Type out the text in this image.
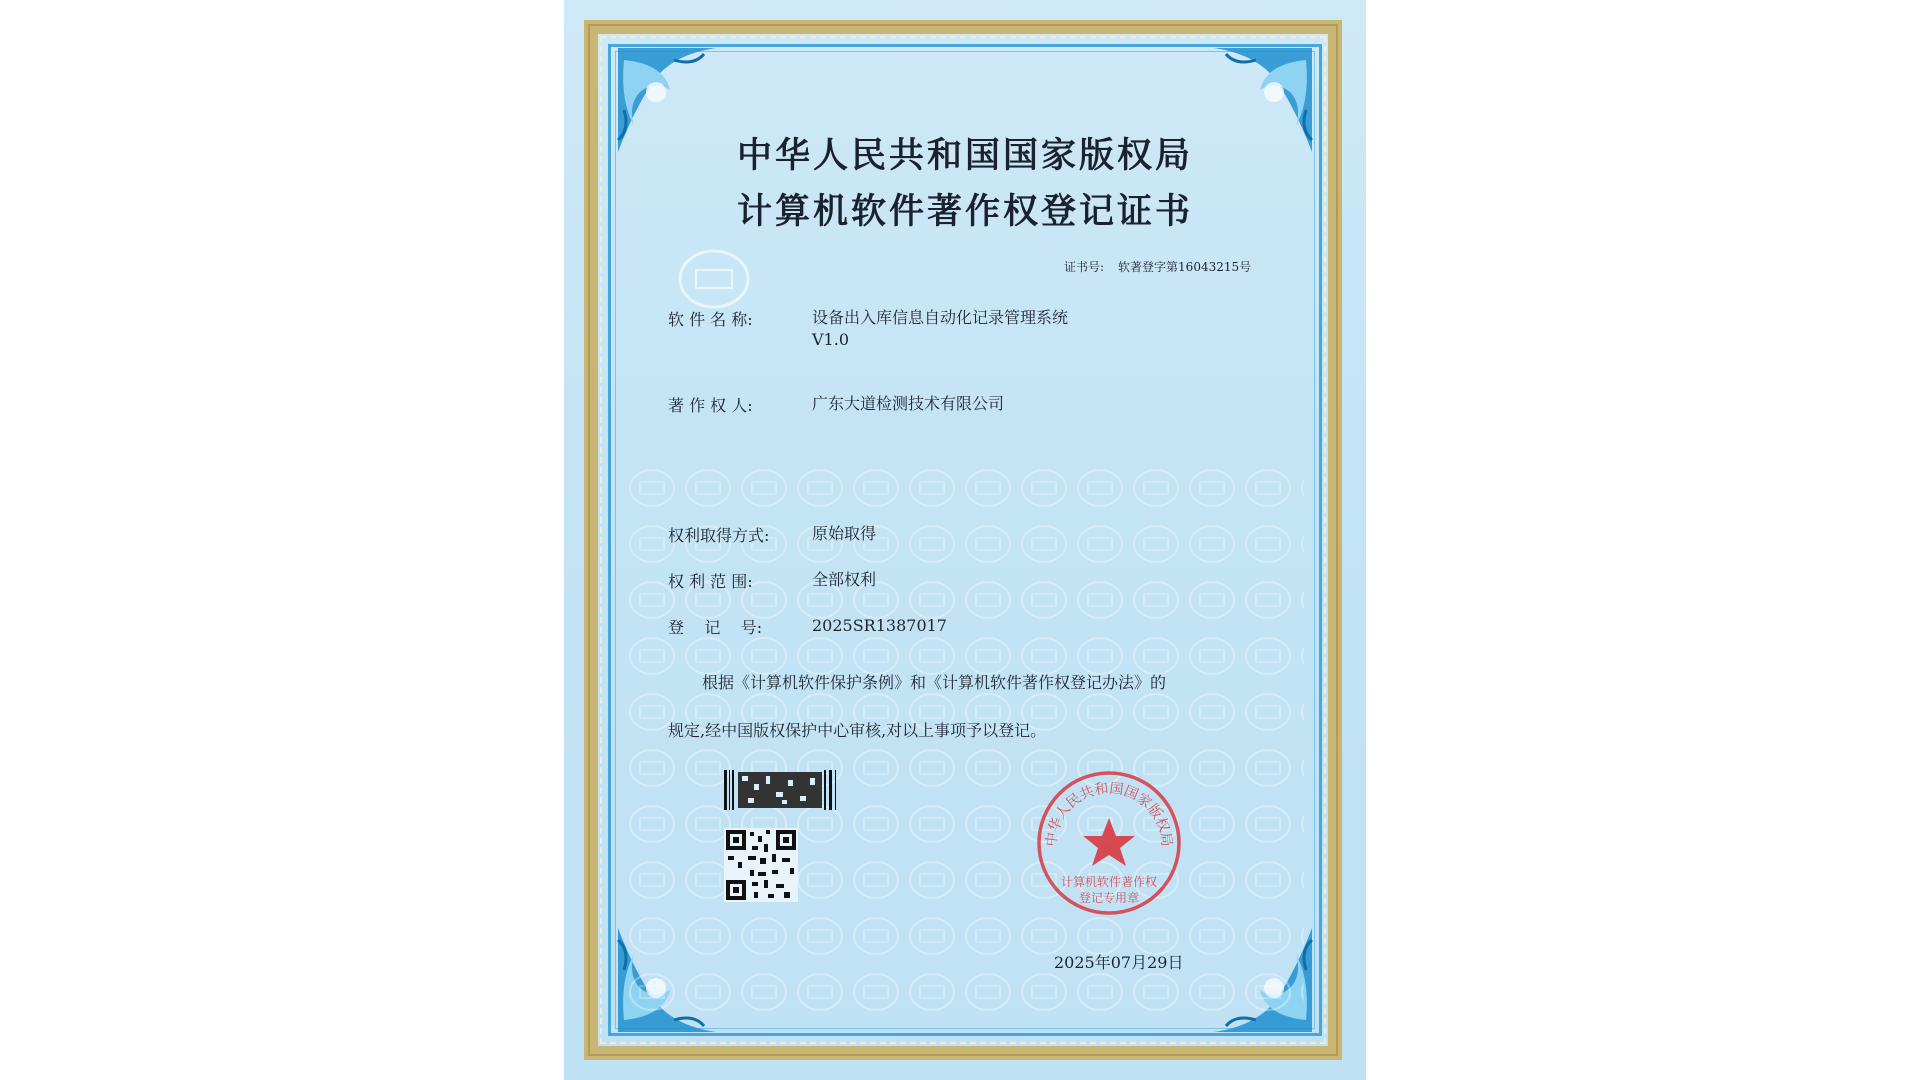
中华人民共和国国家版权局
计算机软件著作权登记证书
证书号: 软著登字第16043215号
软 件 名 称:	设备出入库信息自动化记录管理系统
V1.0
著 作 权 人:	广东大道检测技术有限公司
权利取得方式:	原始取得
权 利 范 围:	全部权利
登    记    号:	2025SR1387017
根据《计算机软件保护条例》和《计算机软件著作权登记办法》的
规定,经中国版权保护中心审核,对以上事项予以登记。
中华人民共和国国家版权局
计算机软件著作权
登记专用章
2025年07月29日
